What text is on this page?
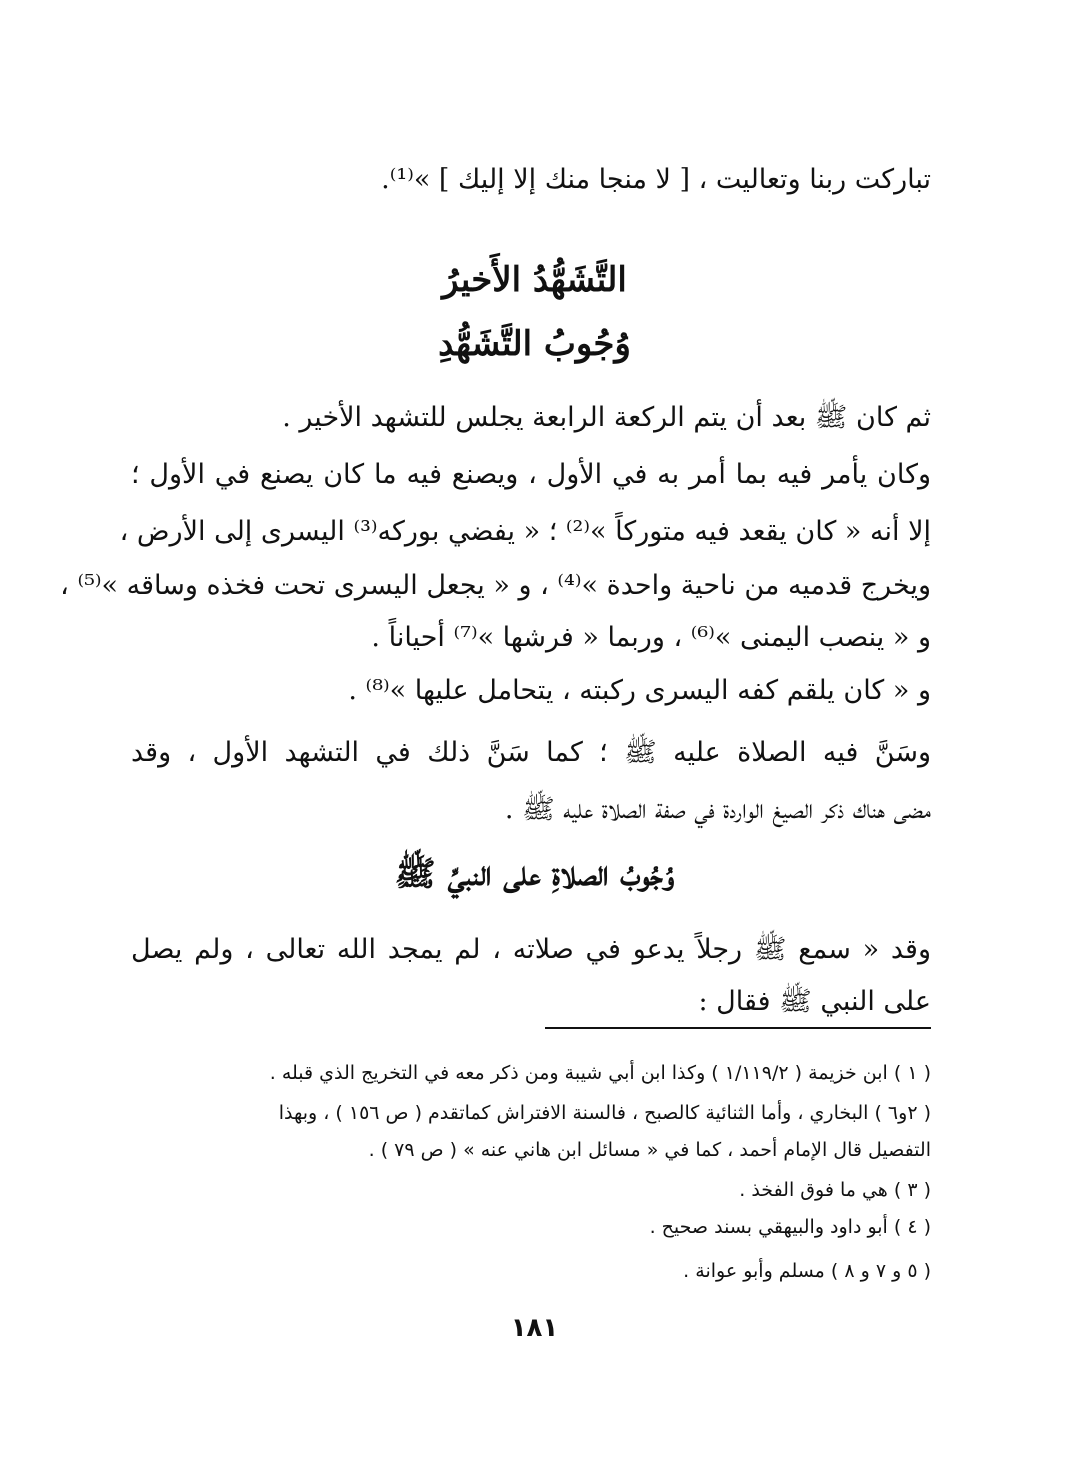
تباركت ربنا وتعاليت ، [ لا منجا منك إلا إليك ] »⁽¹⁾.
التَّشَهُّدُ الأَخيرُ
وُجُوبُ التَّشَهُّدِ
ثم كان ﷺ بعد أن يتم الركعة الرابعة يجلس للتشهد الأخير .
وكان يأمر فيه بما أمر به في الأول ، ويصنع فيه ما كان يصنع في الأول ؛
إلا أنه « كان يقعد فيه متوركاً »⁽²⁾ ؛ « يفضي بوركه⁽³⁾ اليسرى إلى الأرض ،
ويخرج قدميه من ناحية واحدة »⁽⁴⁾ ، و « يجعل اليسرى تحت فخذه وساقه »⁽⁵⁾ ،
و « ينصب اليمنى »⁽⁶⁾ ، وربما « فرشها »⁽⁷⁾ أحياناً .
و « كان يلقم كفه اليسرى ركبته ، يتحامل عليها »⁽⁸⁾ .
وسَنَّ فيه الصلاة عليه ﷺ ؛ كما سَنَّ ذلك في التشهد الأول ، وقد
مضى هناك ذكر الصيغ الواردة في صفة الصلاة عليه ﷺ .
وُجُوبُ الصلاةِ على النبيِّ ﷺ
وقد « سمع ﷺ رجلاً يدعو في صلاته ، لم يمجد الله تعالى ، ولم يصل
على النبي ﷺ فقال :
( ١ ) ابن خزيمة ( ١/١١٩/٢ ) وكذا ابن أبي شيبة ومن ذكر معه في التخريج الذي قبله .
( ٢و٦ ) البخاري ، وأما الثنائية كالصبح ، فالسنة الافتراش كماتقدم ( ص ١٥٦ ) ، وبهذا
التفصيل قال الإمام أحمد ، كما في « مسائل ابن هاني عنه » ( ص ٧٩ ) .
( ٣ ) هي ما فوق الفخذ .
( ٤ ) أبو داود والبيهقي بسند صحيح .
( ٥ و ٧ و ٨ ) مسلم وأبو عوانة .
١٨١
